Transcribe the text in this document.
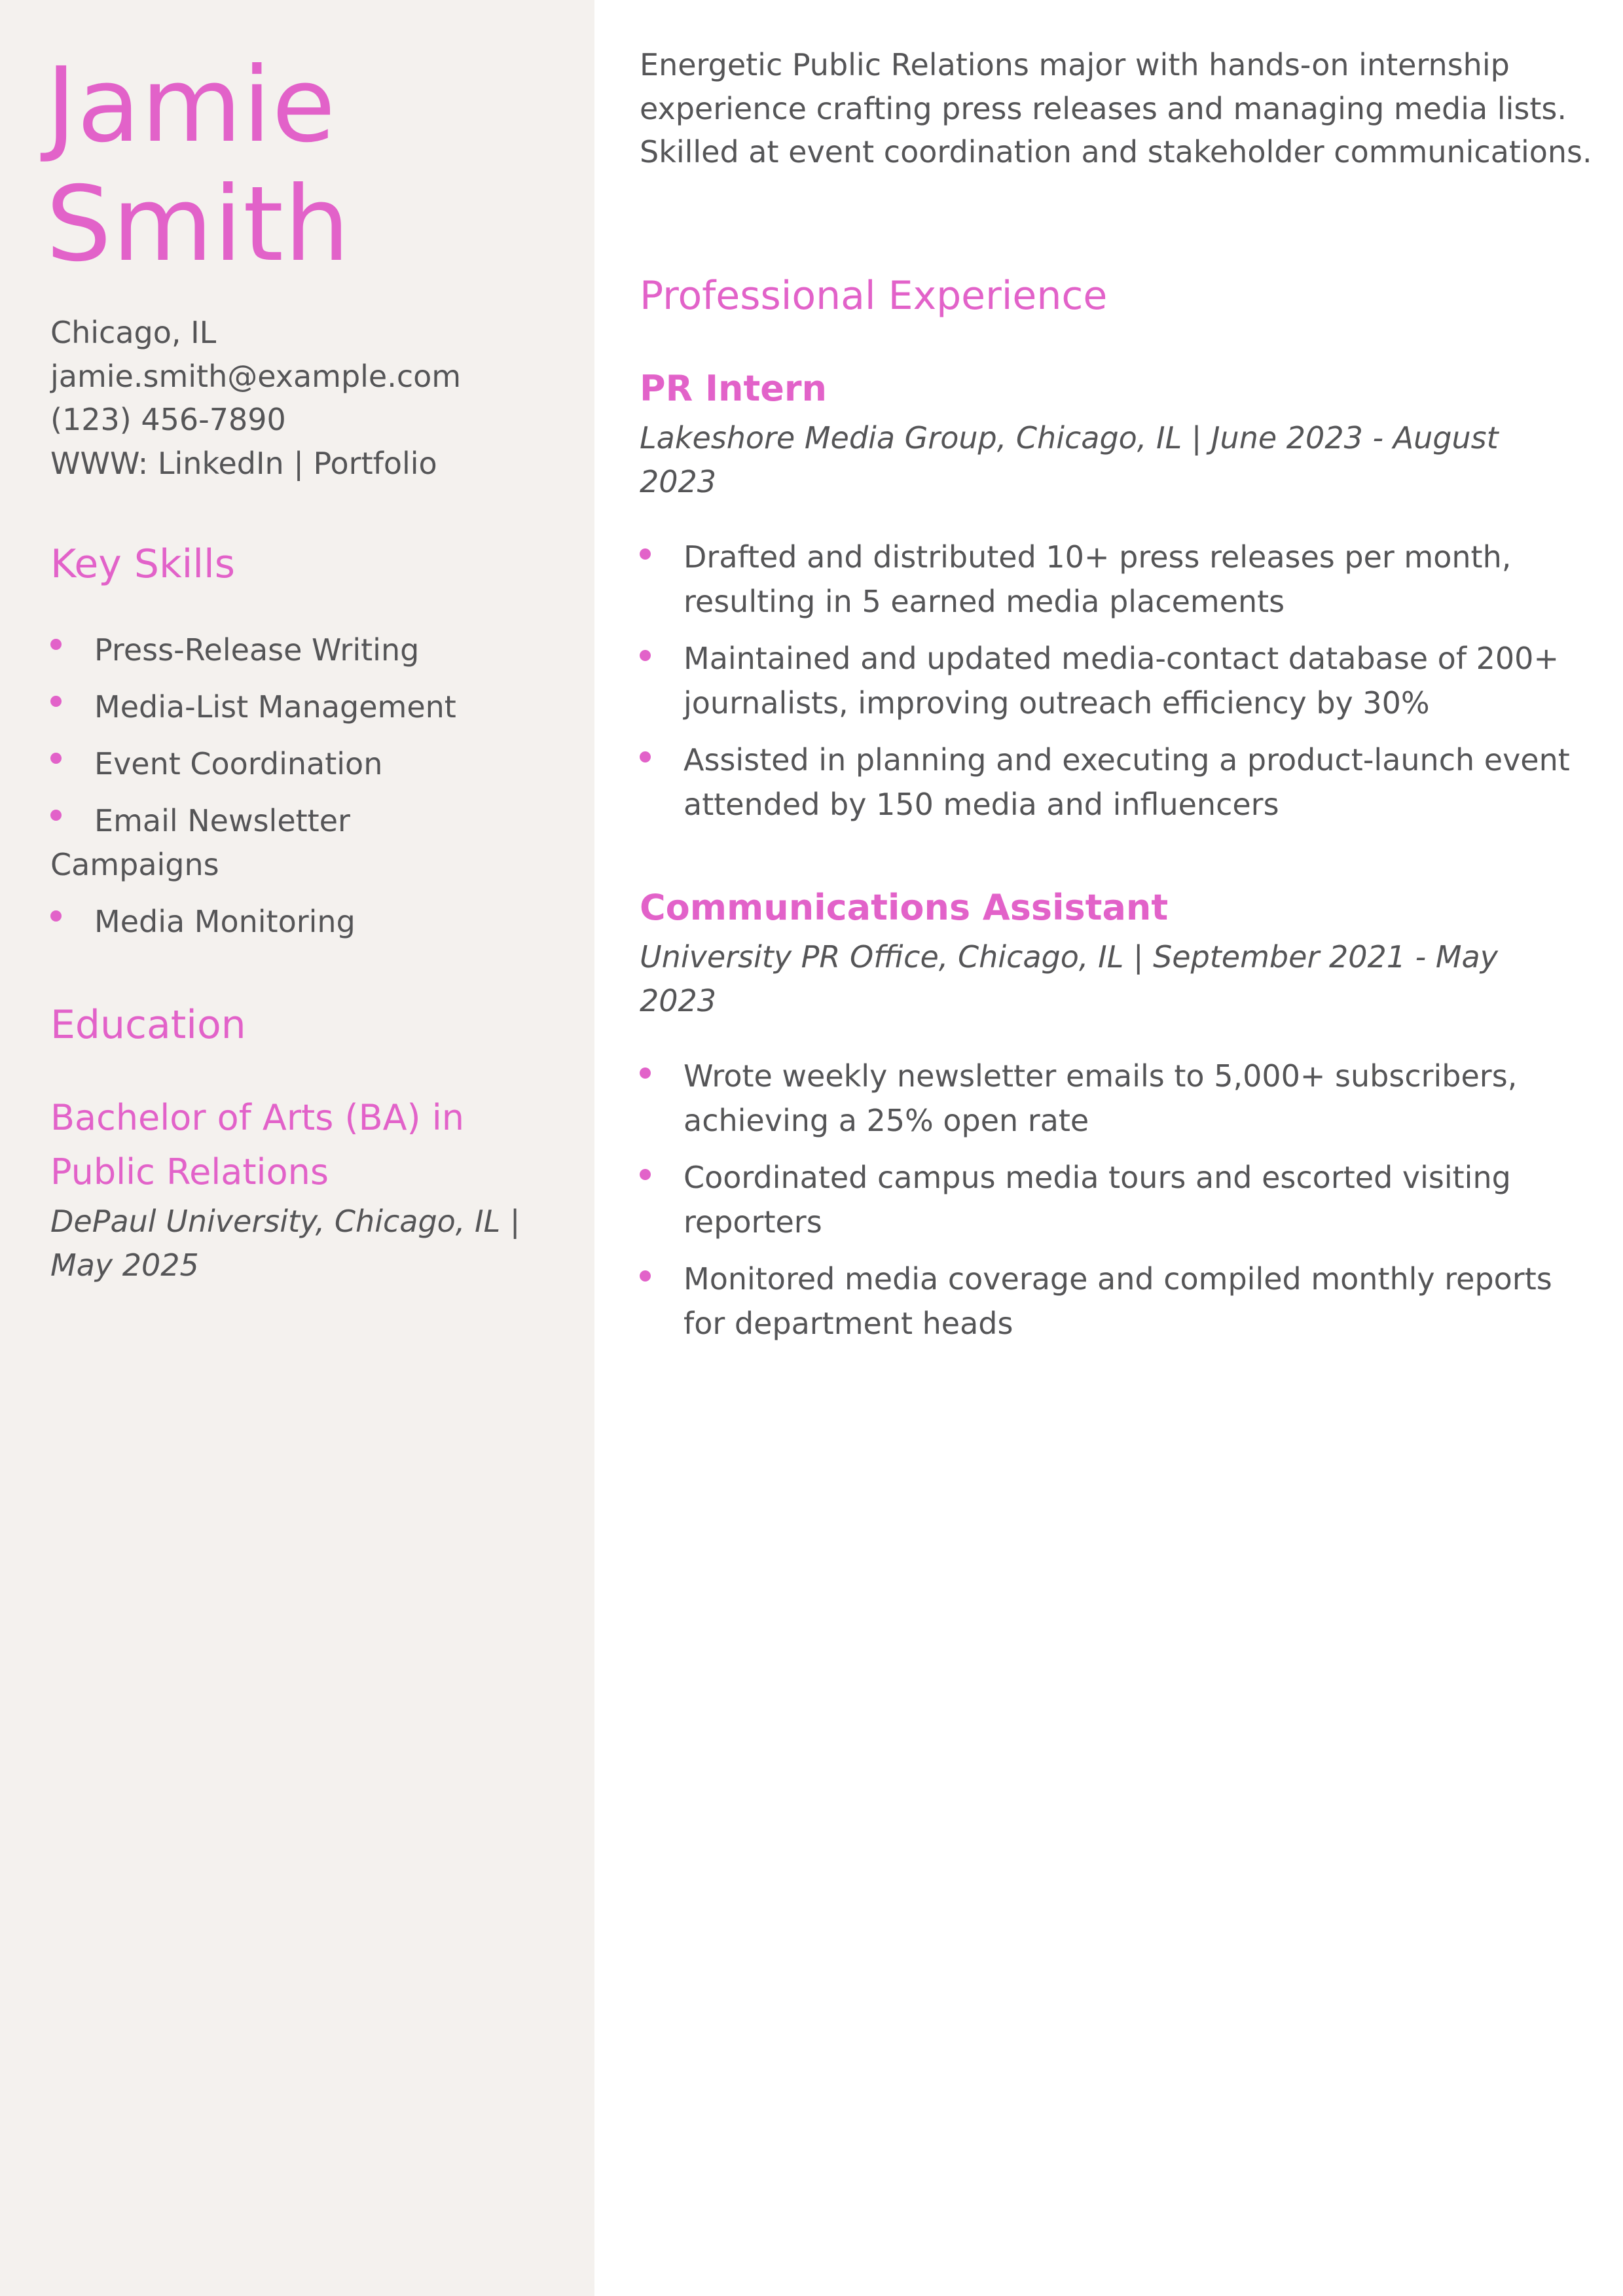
Jamie
Smith
Chicago, IL
jamie.smith@example.com
(123) 456-7890
WWW: LinkedIn | Portfolio
Key Skills
Press-Release Writing
Media-List Management
Event Coordination
Email Newsletter Campaigns
Media Monitoring
Education
Bachelor of Arts (BA) in Public Relations
DePaul University, Chicago, IL | May 2025

Energetic Public Relations major with hands-on internship experience crafting press releases and managing media lists. Skilled at event coordination and stakeholder communications.

Professional Experience
PR Intern
Lakeshore Media Group, Chicago, IL | June 2023 - August 2023
Drafted and distributed 10+ press releases per month, resulting in 5 earned media placements
Maintained and updated media-contact database of 200+ journalists, improving outreach efficiency by 30%
Assisted in planning and executing a product-launch event attended by 150 media and influencers
Communications Assistant
University PR Office, Chicago, IL | September 2021 - May 2023
Wrote weekly newsletter emails to 5,000+ subscribers, achieving a 25% open rate
Coordinated campus media tours and escorted visiting reporters
Monitored media coverage and compiled monthly reports for department heads
